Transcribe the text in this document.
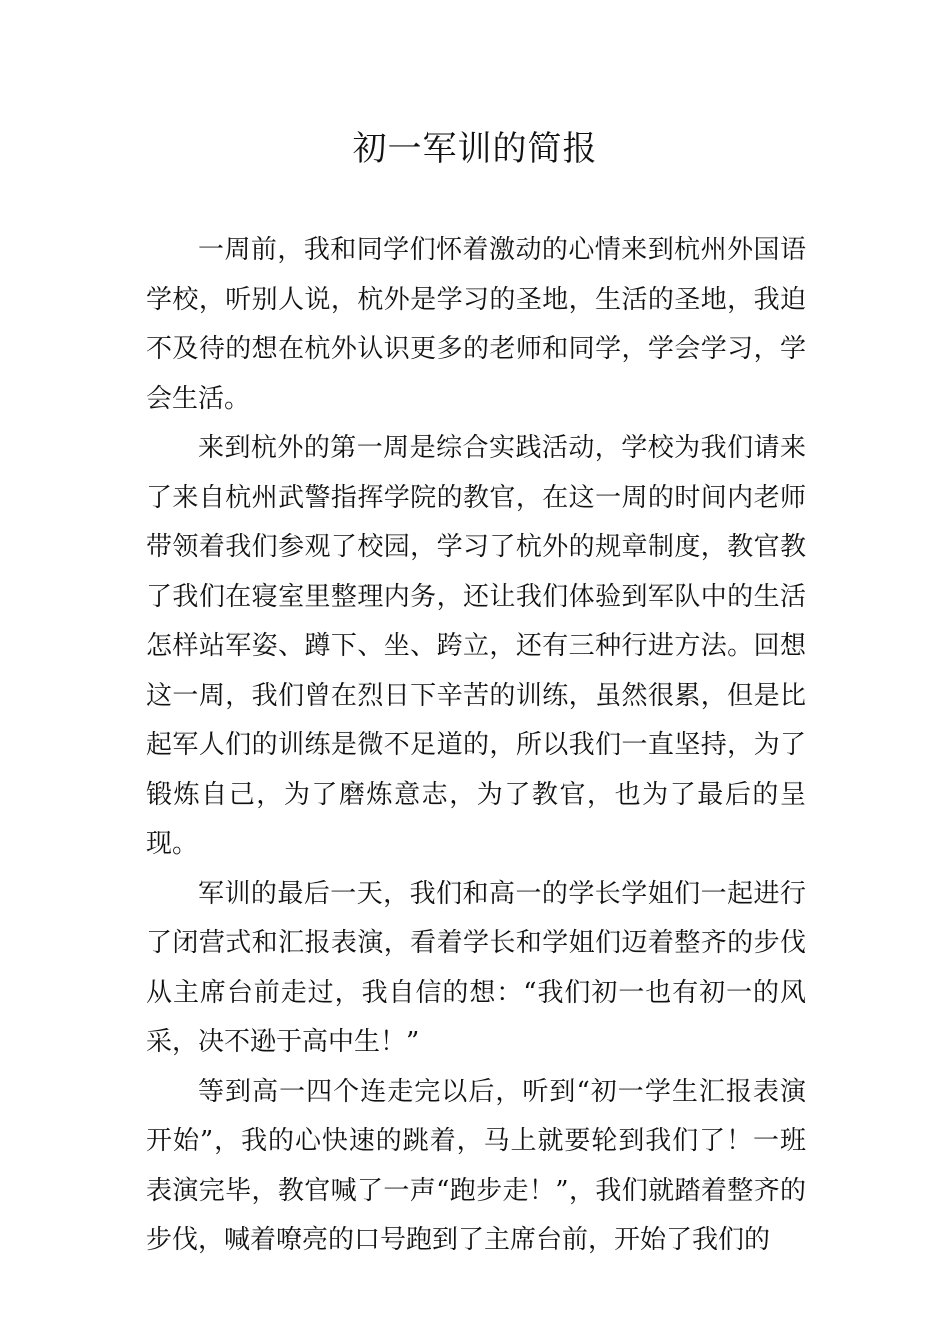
初一军训的简报

一周前，我和同学们怀着激动的心情来到杭州外国语学校，听别人说，杭外是学习的圣地，生活的圣地，我迫不及待的想在杭外认识更多的老师和同学，学会学习，学会生活。

来到杭外的第一周是综合实践活动，学校为我们请来了来自杭州武警指挥学院的教官，在这一周的时间内老师带领着我们参观了校园，学习了杭外的规章制度，教官教了我们在寝室里整理内务，还让我们体验到军队中的生活怎样站军姿、蹲下、坐、跨立，还有三种行进方法。回想这一周，我们曾在烈日下辛苦的训练，虽然很累，但是比起军人们的训练是微不足道的，所以我们一直坚持，为了锻炼自己，为了磨炼意志，为了教官，也为了最后的呈现。

军训的最后一天，我们和高一的学长学姐们一起进行了闭营式和汇报表演，看着学长和学姐们迈着整齐的步伐从主席台前走过，我自信的想：“我们初一也有初一的风采，决不逊于高中生！”

等到高一四个连走完以后，听到“初一学生汇报表演开始”，我的心快速的跳着，马上就要轮到我们了！一班表演完毕，教官喊了一声“跑步走！”，我们就踏着整齐的步伐，喊着嘹亮的口号跑到了主席台前，开始了我们的
